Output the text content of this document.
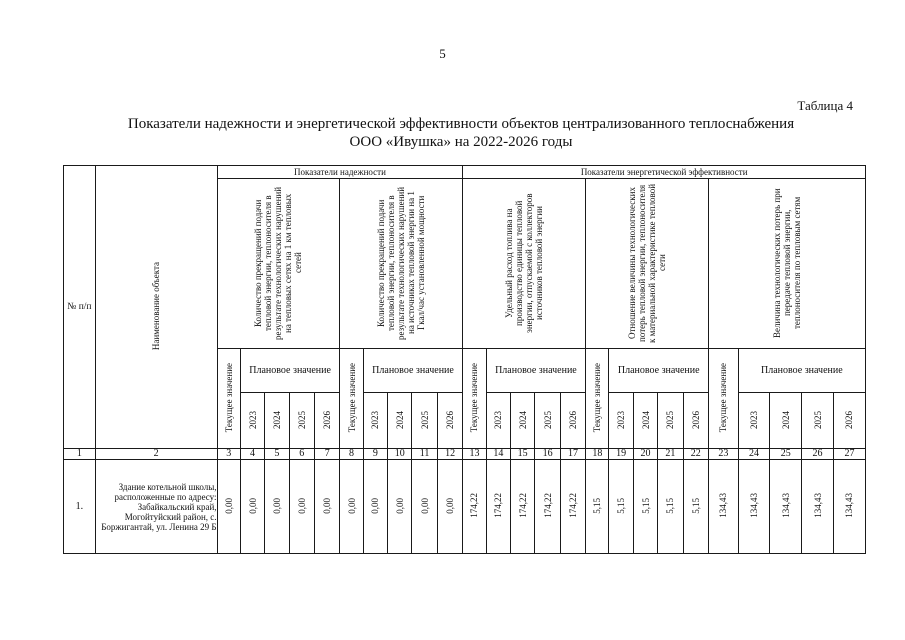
5
Таблица 4
Показатели надежности и энергетической эффективности объектов централизованного теплоснабжения
ООО «Ивушка» на 2022-2026 годы
№ п/п	Наименование объекта	Показатели надежности										Показатели энергетической эффективности														
		Количество прекращений подачи тепловой энергии, теплоносителя в результате технологических нарушений на тепловых сетях на 1 км тепловых сетей					Количество прекращений подачи тепловой энергии, теплоносителя в результате технологических нарушений на источниках тепловой энергии на 1 Гкал/час установленной мощности					Удельный расход топлива на производство единицы тепловой энергии, отпускаемой с коллекторов источников тепловой энергии					Отношение величины технологических потерь тепловой энергии, теплоносителя к материальной характеристике тепловой сети					Величина технологических потерь при передаче тепловой энергии, теплоносителя по тепловым сетям				
		Текущее значение	Плановое значение				Текущее значение	Плановое значение				Текущее значение	Плановое значение				Текущее значение	Плановое значение				Текущее значение	Плановое значение			
			2023	2024	2025	2026		2023	2024	2025	2026		2023	2024	2025	2026		2023	2024	2025	2026		2023	2024	2025	2026
1	2	3	4	5	6	7	8	9	10	11	12	13	14	15	16	17	18	19	20	21	22	23	24	25	26	27
1.	Здание котельной школы, расположенные по адресу: Забайкальский край, Могойтуйский район, с. Боржигантай, ул. Ленина 29 Б	0,00	0,00	0,00	0,00	0,00	0,00	0,00	0,00	0,00	0,00	174,22	174,22	174,22	174,22	174,22	5,15	5,15	5,15	5,15	5,15	134,43	134,43	134,43	134,43	134,43
